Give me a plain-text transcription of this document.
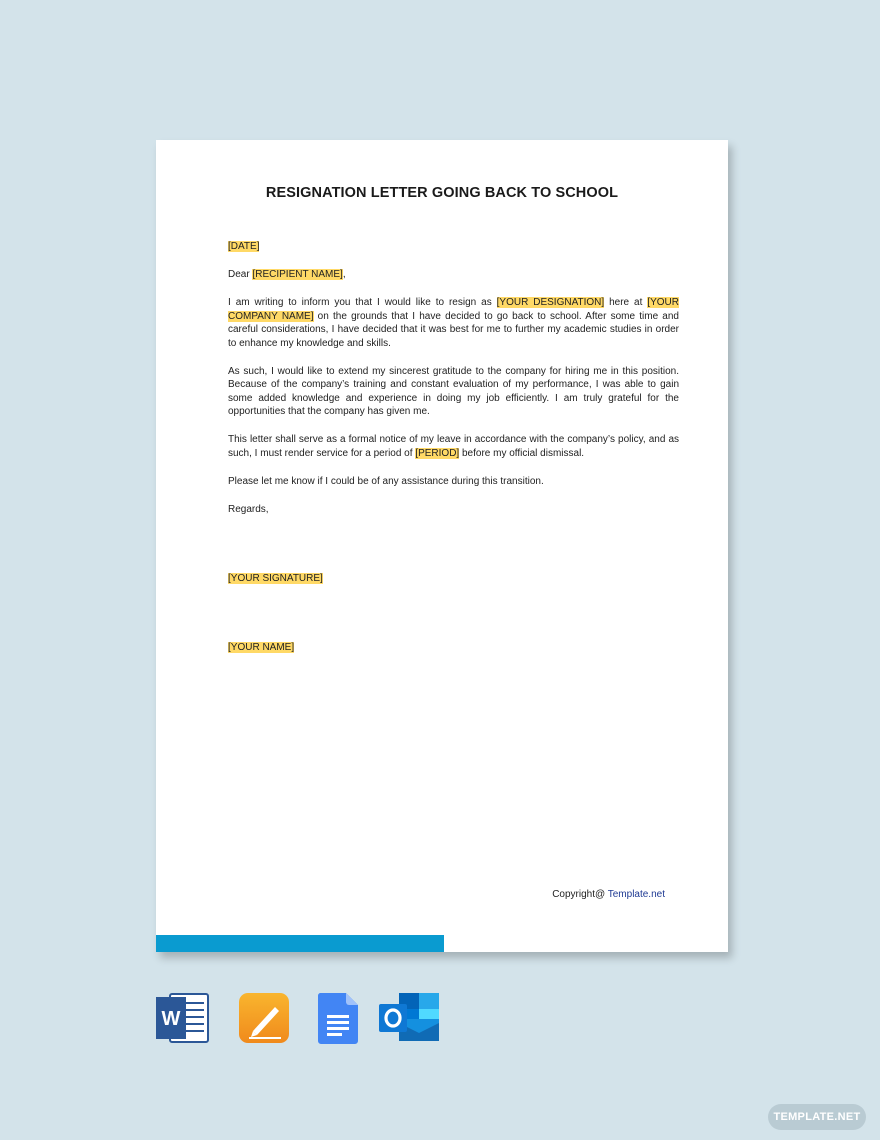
RESIGNATION LETTER GOING BACK TO SCHOOL

[DATE]

Dear [RECIPIENT NAME],

I am writing to inform you that I would like to resign as [YOUR DESIGNATION] here at [YOUR COMPANY NAME] on the grounds that I have decided to go back to school. After some time and careful considerations, I have decided that it was best for me to further my academic studies in order to enhance my knowledge and skills.

As such, I would like to extend my sincerest gratitude to the company for hiring me in this position. Because of the company’s training and constant evaluation of my performance, I was able to gain some added knowledge and experience in doing my job efficiently. I am truly grateful for the opportunities that the company has given me.

This letter shall serve as a formal notice of my leave in accordance with the company’s policy, and as such, I must render service for a period of [PERIOD] before my official dismissal.

Please let me know if I could be of any assistance during this transition.

Regards,

[YOUR SIGNATURE]

[YOUR NAME]

Copyright@ Template.net
W
TEMPLATE.NET
